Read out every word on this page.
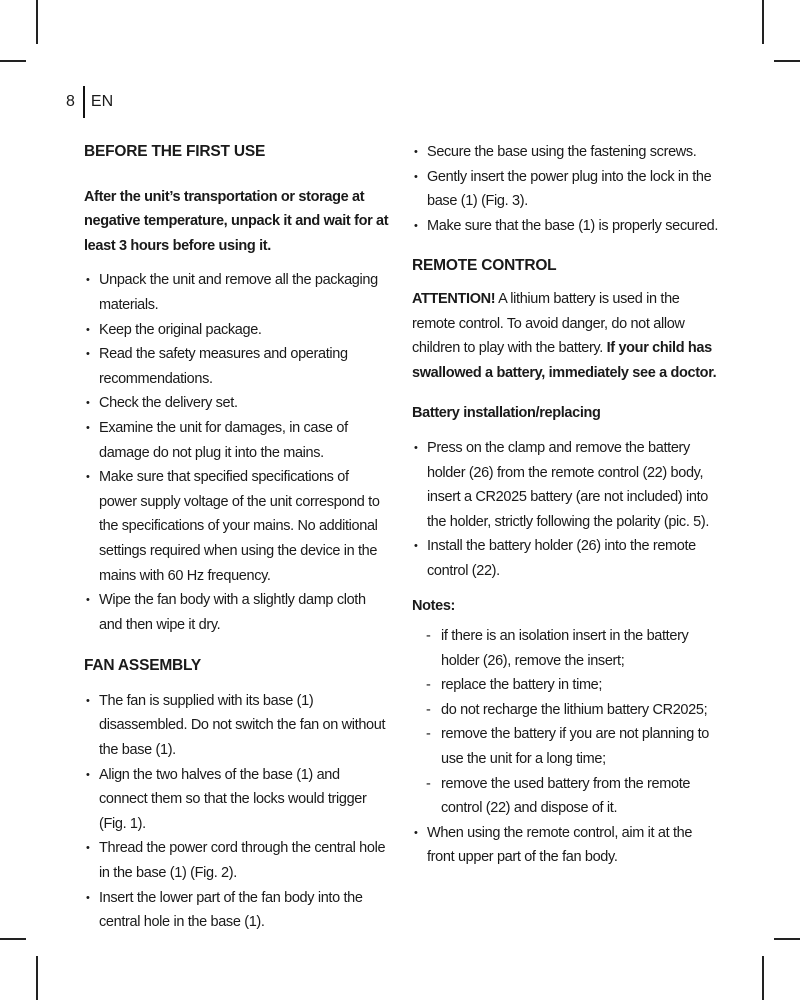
8 EN
BEFORE THE FIRST USE

After the unit’s transportation or storage at negative temperature, unpack it and wait for at least 3 hours before using it.

• Unpack the unit and remove all the packaging materials.
• Keep the original package.
• Read the safety measures and operating recommendations.
• Check the delivery set.
• Examine the unit for damages, in case of damage do not plug it into the mains.
• Make sure that specified specifications of power supply voltage of the unit correspond to the specifications of your mains. No additional settings required when using the device in the mains with 60 Hz frequency.
• Wipe the fan body with a slightly damp cloth and then wipe it dry.
FAN ASSEMBLY
• The fan is supplied with its base (1) disassembled. Do not switch the fan on without the base (1).
• Align the two halves of the base (1) and connect them so that the locks would trigger (Fig. 1).
• Thread the power cord through the central hole in the base (1) (Fig. 2).
• Insert the lower part of the fan body into the central hole in the base (1).
• Secure the base using the fastening screws.
• Gently insert the power plug into the lock in the base (1) (Fig. 3).
• Make sure that the base (1) is properly secured.
REMOTE CONTROL

ATTENTION! A lithium battery is used in the remote control. To avoid danger, do not allow children to play with the battery. If your child has swallowed a battery, immediately see a doctor.

Battery installation/replacing
• Press on the clamp and remove the battery holder (26) from the remote control (22) body, insert a CR2025 battery (are not included) into the holder, strictly following the polarity (pic. 5).
• Install the battery holder (26) into the remote control (22).
Notes:
- if there is an isolation insert in the battery holder (26), remove the insert;
- replace the battery in time;
- do not recharge the lithium battery CR2025;
- remove the battery if you are not planning to use the unit for a long time;
- remove the used battery from the remote control (22) and dispose of it.
• When using the remote control, aim it at the front upper part of the fan body.
